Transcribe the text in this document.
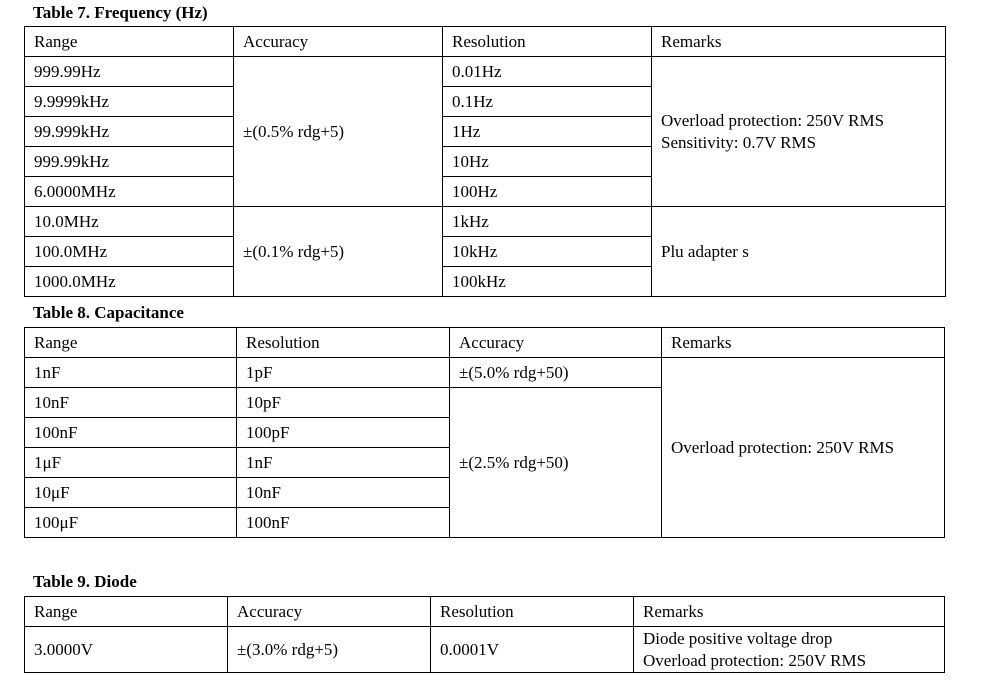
Table 7. Frequency (Hz)
Range	Accuracy	Resolution	Remarks
999.99Hz	±(0.5% rdg+5)	0.01Hz	Overload protection: 250V RMS
Sensitivity: 0.7V RMS

9.9999kHz		0.1Hz	
99.999kHz		1Hz	
999.99kHz		10Hz	
6.0000MHz		100Hz	
10.0MHz	±(0.1% rdg+5)	1kHz	Plu adapter s
100.0MHz		10kHz	
1000.0MHz		100kHz	
Table 8. Capacitance
Range	Resolution	Accuracy	Remarks
1nF	1pF	±(5.0% rdg+50)	Overload protection: 250V RMS
10nF	10pF	±(2.5% rdg+50)	
100nF	100pF		
1μF	1nF		
10μF	10nF		
100μF	100nF		
Table 9. Diode
Range	Accuracy	Resolution	Remarks
3.0000V	±(3.0% rdg+5)	0.0001V	Diode positive voltage drop
Overload protection: 250V RMS
